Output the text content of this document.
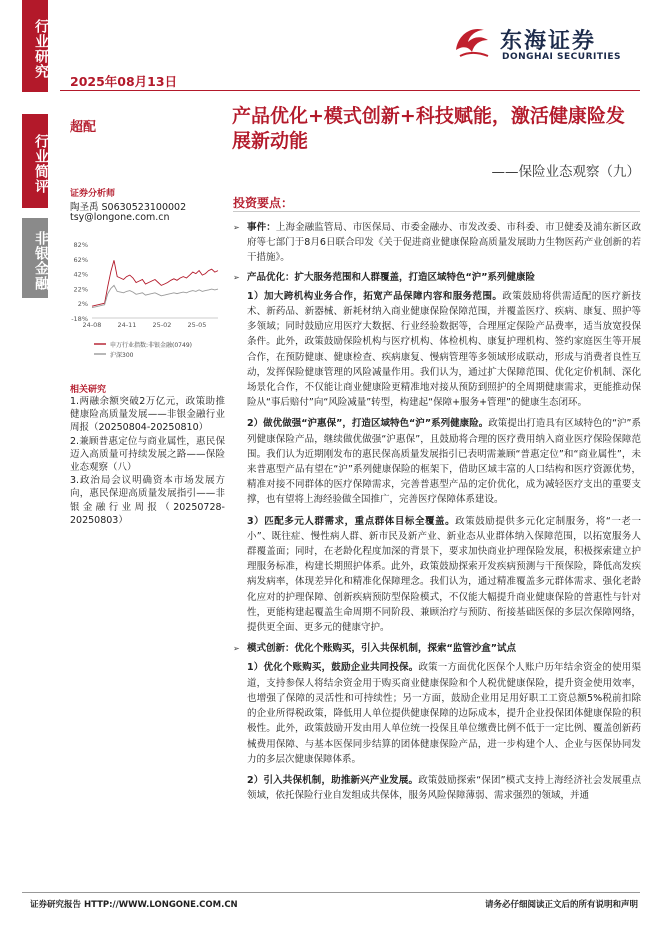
行业研究
行业简评
非银金融
东海证券
DONGHAI SECURITIES
2025年08月13日
超配
产品优化+模式创新+科技赋能，激活健康险发展新动能
——保险业态观察（九）
证券分析师
陶圣禹 S0630523100002
tsy@longone.com.cn
82%
62%
42%
22%
2%
-18%
24-08 24-11 25-02 25-05
申万行业指数:非银金融(0749)
沪深300
相关研究

1.两融余额突破2万亿元，政策助推健康险高质量发展——非银金融行业周报（20250804-20250810）

2.兼顾普惠定位与商业属性，惠民保迈入高质量可持续发展之路——保险业态观察（八）

3.政治局会议明确资本市场发展方向，惠民保迎高质量发展指引——非银金融行业周报（20250728-20250803）

投资要点：
➢ 事件：上海金融监管局、市医保局、市委金融办、市发改委、市科委、市卫健委及浦东新区政府等七部门于8月6日联合印发《关于促进商业健康保险高质量发展助力生物医药产业创新的若干措施》。
➢ 产品优化：扩大服务范围和人群覆盖，打造区域特色“沪”系列健康险
1）加大跨机构业务合作，拓宽产品保障内容和服务范围。政策鼓励将供需适配的医疗新技术、新药品、新器械、新耗材纳入商业健康保险保障范围，并覆盖医疗、疾病、康复、照护等多领域；同时鼓励应用医疗大数据、行业经验数据等，合理厘定保险产品费率，适当放宽投保条件。此外，政策鼓励保险机构与医疗机构、体检机构、康复护理机构、签约家庭医生等开展合作，在预防健康、健康检查、疾病康复、慢病管理等多领域形成联动，形成与消费者良性互动，发挥保险健康管理的风险减量作用。我们认为，通过扩大保障范围、优化定价机制、深化场景化合作，不仅能让商业健康险更精准地对接从预防到照护的全周期健康需求，更能推动保险从“事后赔付”向“风险减量”转型，构建起“保障+服务+管理”的健康生态闭环。
2）做优做强“沪惠保”，打造区域特色“沪”系列健康险。政策提出打造具有区域特色的“沪”系列健康保险产品，继续做优做强“沪惠保”，且鼓励将合理的医疗费用纳入商业医疗保险保障范围。我们认为近期刚发布的惠民保高质量发展指引已表明需兼顾“普惠定位”和“商业属性”，未来普惠型产品有望在“沪”系列健康保险的框架下，借助区域丰富的人口结构和医疗资源优势，精准对接不同群体的医疗保障需求，完善普惠型产品的定价优化，成为减轻医疗支出的重要支撑，也有望将上海经验做全国推广，完善医疗保障体系建设。
3）匹配多元人群需求，重点群体目标全覆盖。政策鼓励提供多元化定制服务，将“一老一小”、既往症、慢性病人群、新市民及新产业、新业态从业群体纳入保障范围，以拓宽服务人群覆盖面；同时，在老龄化程度加深的背景下，要求加快商业护理保险发展，积极探索建立护理服务标准，构建长期照护体系。此外，政策鼓励探索开发疾病预测与干预保险，降低高发疾病发病率，体现差异化和精准化保障理念。我们认为，通过精准覆盖多元群体需求、强化老龄化应对的护理保障、创新疾病预防型保险模式，不仅能大幅提升商业健康保险的普惠性与针对性，更能构建起覆盖生命周期不同阶段、兼顾治疗与预防、衔接基础医保的多层次保障网络，提供更全面、更多元的健康守护。
➢ 模式创新：优化个账购买，引入共保机制，探索“监管沙盒”试点
1）优化个账购买，鼓励企业共同投保。政策一方面优化医保个人账户历年结余资金的使用渠道，支持参保人将结余资金用于购买商业健康保险和个人税优健康保险，提升资金使用效率，也增强了保障的灵活性和可持续性；另一方面，鼓励企业用足用好职工工资总额5%税前扣除的企业所得税政策，降低用人单位提供健康保障的边际成本，提升企业投保团体健康保险的积极性。此外，政策鼓励开发由用人单位统一投保且单位缴费比例不低于一定比例、覆盖创新药械费用保障、与基本医保同步结算的团体健康保险产品，进一步构建个人、企业与医保协同发力的多层次健康保障体系。
2）引入共保机制，助推新兴产业发展。政策鼓励探索“保团”模式支持上海经济社会发展重点领域，依托保险行业自发组成共保体，服务风险保障薄弱、需求强烈的领域，并通
证券研究报告 HTTP://WWW.LONGONE.COM.CN	请务必仔细阅读正文后的所有说明和声明
